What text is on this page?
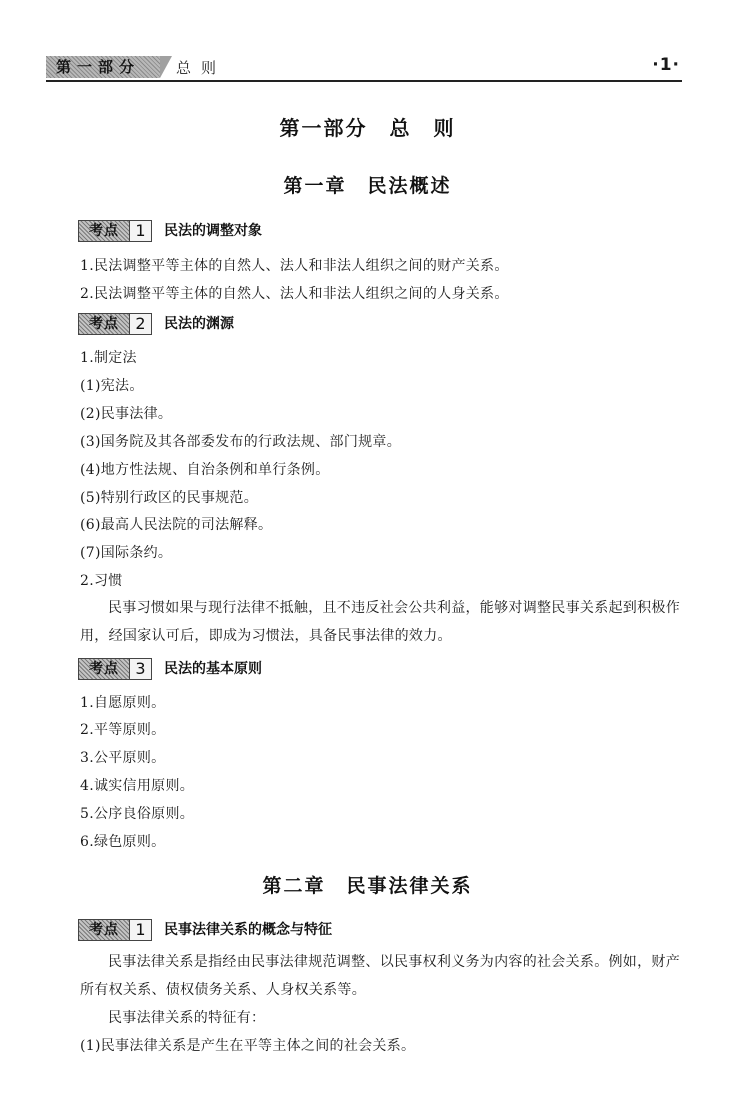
第一部分	总则	·1·
第一部分　总　则
第一章　民法概述
考点	1	民法的调整对象
1.民法调整平等主体的自然人、法人和非法人组织之间的财产关系。
2.民法调整平等主体的自然人、法人和非法人组织之间的人身关系。
考点	2	民法的渊源
1.制定法
(1)宪法。
(2)民事法律。
(3)国务院及其各部委发布的行政法规、部门规章。
(4)地方性法规、自治条例和单行条例。
(5)特别行政区的民事规范。
(6)最高人民法院的司法解释。
(7)国际条约。
2.习惯

民事习惯如果与现行法律不抵触，且不违反社会公共利益，能够对调整民事关系起到积极作用，经国家认可后，即成为习惯法，具备民事法律的效力。

考点	3	民法的基本原则
1.自愿原则。
2.平等原则。
3.公平原则。
4.诚实信用原则。
5.公序良俗原则。
6.绿色原则。
第二章　民事法律关系
考点	1	民事法律关系的概念与特征

民事法律关系是指经由民事法律规范调整、以民事权利义务为内容的社会关系。例如，财产所有权关系、债权债务关系、人身权关系等。

民事法律关系的特征有：

(1)民事法律关系是产生在平等主体之间的社会关系。
